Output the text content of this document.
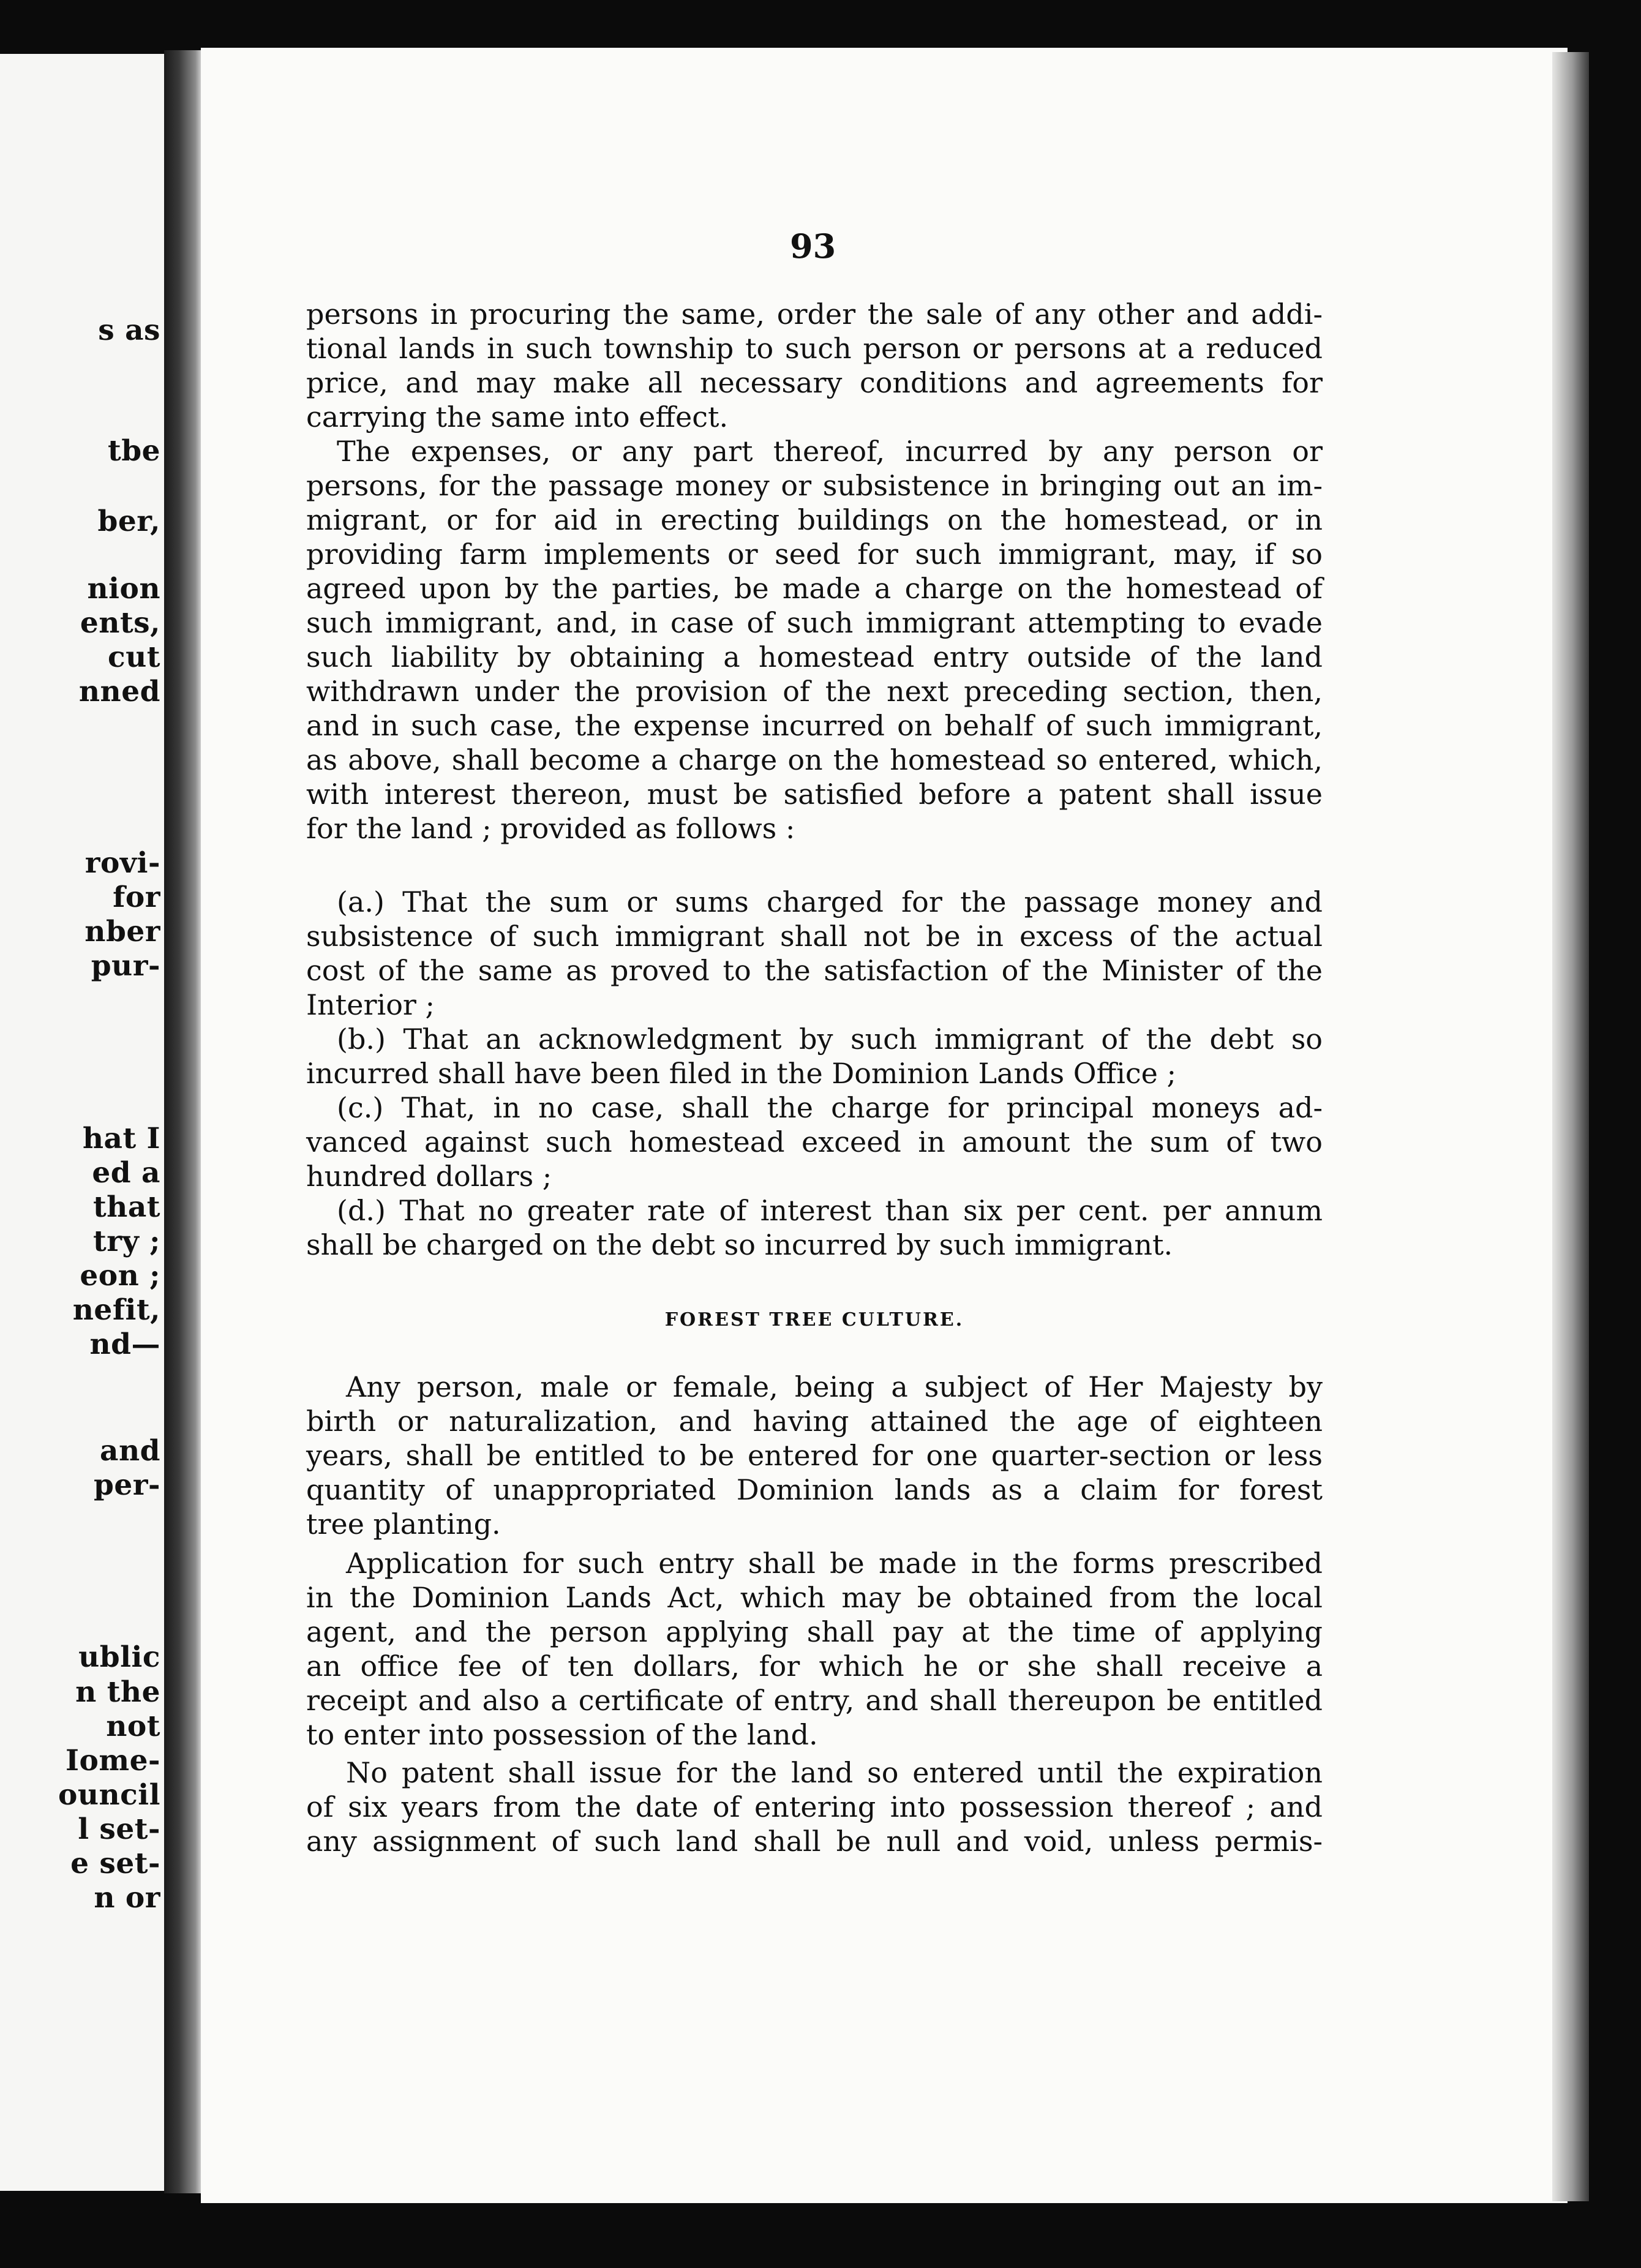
s as
tbe
ber,
nion
ents,
cut
nned
rovi-
for
nber
pur-
hat I
ed a
that
try ;
eon ;
nefit,
nd—
and
per-
ublic
n the
not
Iome-
ouncil
l set-
e set-
n or
93
persons in procuring the same, order the sale of any other and addi-
tional lands in such township to such person or persons at a reduced
price, and may make all necessary conditions and agreements for
carrying the same into effect.
The expenses, or any part thereof, incurred by any person or
persons, for the passage money or subsistence in bringing out an im-
migrant, or for aid in erecting buildings on the homestead, or in
providing farm implements or seed for such immigrant, may, if so
agreed upon by the parties, be made a charge on the homestead of
such immigrant, and, in case of such immigrant attempting to evade
such liability by obtaining a homestead entry outside of the land
withdrawn under the provision of the next preceding section, then,
and in such case, the expense incurred on behalf of such immigrant,
as above, shall become a charge on the homestead so entered, which,
with interest thereon, must be satisfied before a patent shall issue
for the land ; provided as follows :
(a.) That the sum or sums charged for the passage money and
subsistence of such immigrant shall not be in excess of the actual
cost of the same as proved to the satisfaction of the Minister of the
Interior ;
(b.) That an acknowledgment by such immigrant of the debt so
incurred shall have been filed in the Dominion Lands Office ;
(c.) That, in no case, shall the charge for principal moneys ad-
vanced against such homestead exceed in amount the sum of two
hundred dollars ;
(d.) That no greater rate of interest than six per cent. per annum
shall be charged on the debt so incurred by such immigrant.
FOREST TREE CULTURE.
Any person, male or female, being a subject of Her Majesty by
birth or naturalization, and having attained the age of eighteen
years, shall be entitled to be entered for one quarter-section or less
quantity of unappropriated Dominion lands as a claim for forest
tree planting.
Application for such entry shall be made in the forms prescribed
in the Dominion Lands Act, which may be obtained from the local
agent, and the person applying shall pay at the time of applying
an office fee of ten dollars, for which he or she shall receive a
receipt and also a certificate of entry, and shall thereupon be entitled
to enter into possession of the land.
No patent shall issue for the land so entered until the expiration
of six years from the date of entering into possession thereof ; and
any assignment of such land shall be null and void, unless permis-
